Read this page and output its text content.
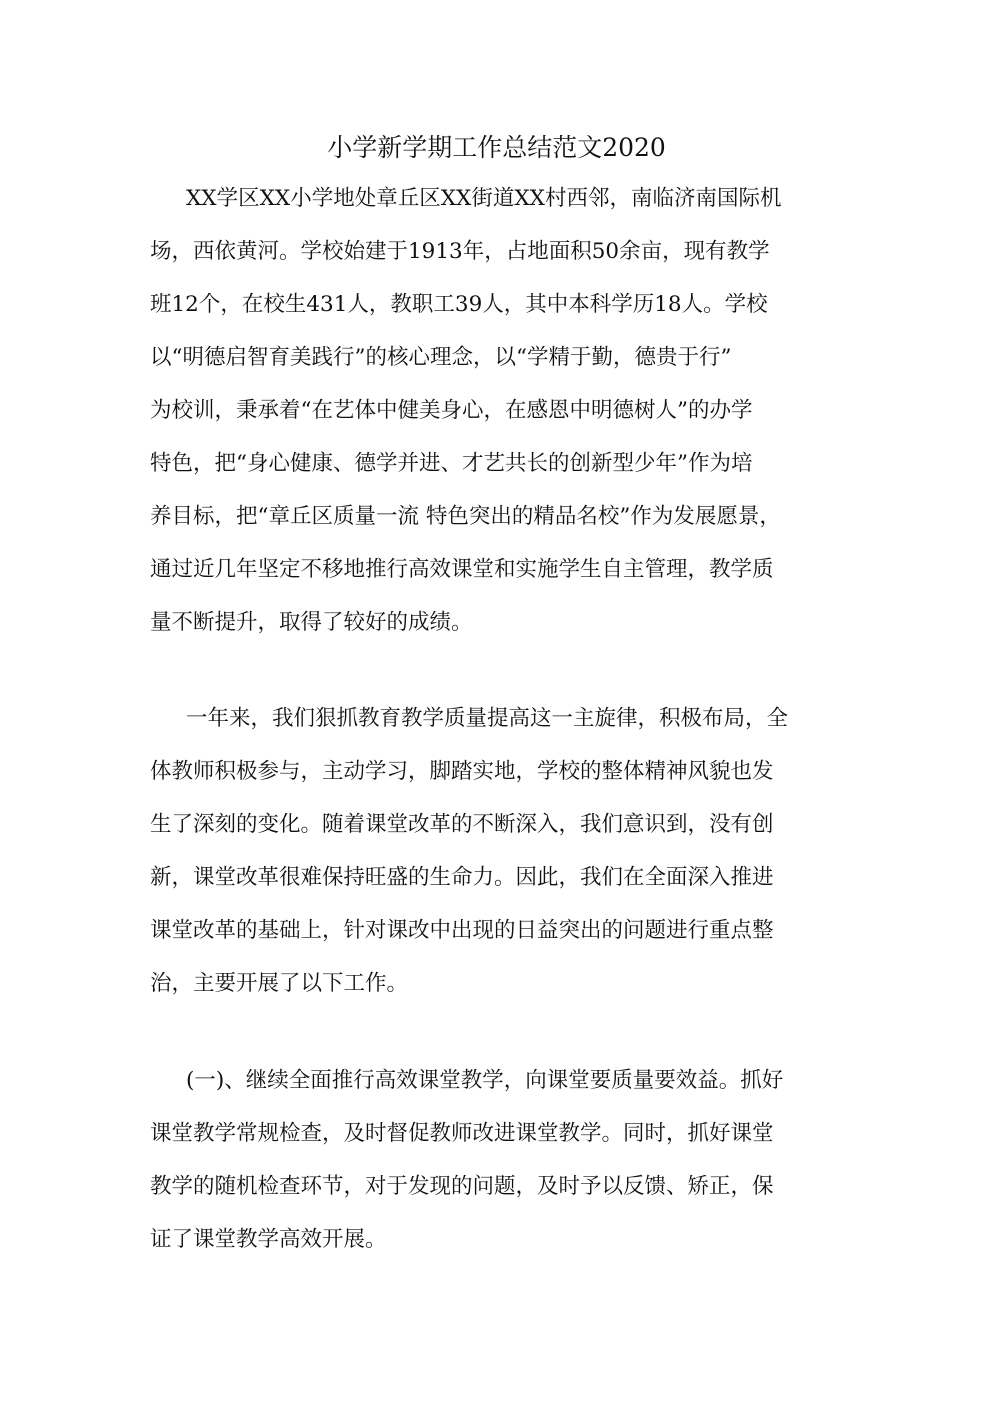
小学新学期工作总结范文2020
XX学区XX小学地处章丘区XX街道XX村西邻，南临济南国际机
场，西依黄河。学校始建于1913年，占地面积50余亩，现有教学
班12个，在校生431人，教职工39人，其中本科学历18人。学校
以“明德启智育美践行”的核心理念，以“学精于勤，德贵于行”
为校训，秉承着“在艺体中健美身心，在感恩中明德树人”的办学
特色，把“身心健康、德学并进、才艺共长的创新型少年”作为培
养目标，把“章丘区质量一流 特色突出的精品名校”作为发展愿景，
通过近几年坚定不移地推行高效课堂和实施学生自主管理，教学质
量不断提升，取得了较好的成绩。
一年来，我们狠抓教育教学质量提高这一主旋律，积极布局，全
体教师积极参与，主动学习，脚踏实地，学校的整体精神风貌也发
生了深刻的变化。随着课堂改革的不断深入，我们意识到，没有创
新，课堂改革很难保持旺盛的生命力。因此，我们在全面深入推进
课堂改革的基础上，针对课改中出现的日益突出的问题进行重点整
治，主要开展了以下工作。
(一)、继续全面推行高效课堂教学，向课堂要质量要效益。抓好
课堂教学常规检查，及时督促教师改进课堂教学。同时，抓好课堂
教学的随机检查环节，对于发现的问题，及时予以反馈、矫正，保
证了课堂教学高效开展。
